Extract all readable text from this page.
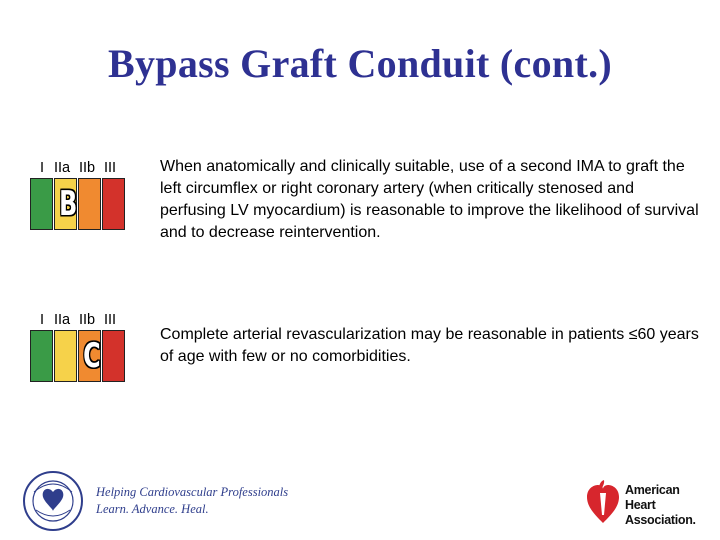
Bypass Graft Conduit (cont.)
I IIa IIb III
B
When anatomically and clinically suitable, use of a second IMA to graft the left circumflex or right coronary artery (when critically stenosed and perfusing LV myocardium) is reasonable to improve the likelihood of survival and to decrease reintervention.
I IIa IIb III
C
Complete arterial revascularization may be reasonable in patients ≤60 years of age with few or no comorbidities.
Helping Cardiovascular Professionals
Learn. Advance. Heal.
American
Heart
Association.
